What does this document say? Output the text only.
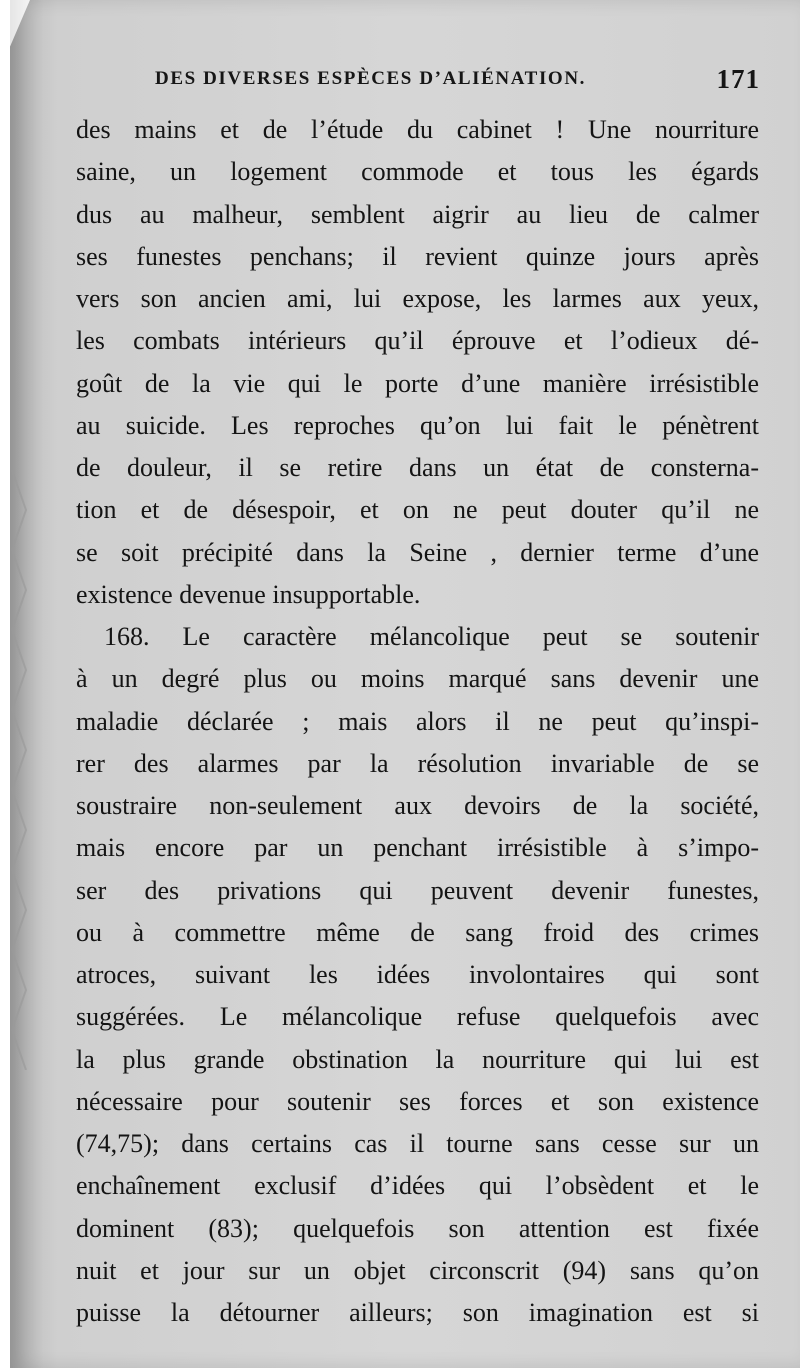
DES DIVERSES ESPÈCES D’ALIÉNATION.	171
des mains et de l’étude du cabinet ! Une nourriture
saine, un logement commode et tous les égards
dus au malheur, semblent aigrir au lieu de calmer
ses funestes penchans; il revient quinze jours après
vers son ancien ami, lui expose, les larmes aux yeux,
les combats intérieurs qu’il éprouve et l’odieux dé-
goût de la vie qui le porte d’une manière irrésistible
au suicide. Les reproches qu’on lui fait le pénètrent
de douleur, il se retire dans un état de consterna-
tion et de désespoir, et on ne peut douter qu’il ne
se soit précipité dans la Seine , dernier terme d’une
existence devenue insupportable.
168. Le caractère mélancolique peut se soutenir
à un degré plus ou moins marqué sans devenir une
maladie déclarée ; mais alors il ne peut qu’inspi-
rer des alarmes par la résolution invariable de se
soustraire non-seulement aux devoirs de la société,
mais encore par un penchant irrésistible à s’impo-
ser des privations qui peuvent devenir funestes,
ou à commettre même de sang froid des crimes
atroces, suivant les idées involontaires qui sont
suggérées. Le mélancolique refuse quelquefois avec
la plus grande obstination la nourriture qui lui est
nécessaire pour soutenir ses forces et son existence
(74,75); dans certains cas il tourne sans cesse sur un
enchaînement exclusif d’idées qui l’obsèdent et le
dominent (83); quelquefois son attention est fixée
nuit et jour sur un objet circonscrit (94) sans qu’on
puisse la détourner ailleurs; son imagination est si
